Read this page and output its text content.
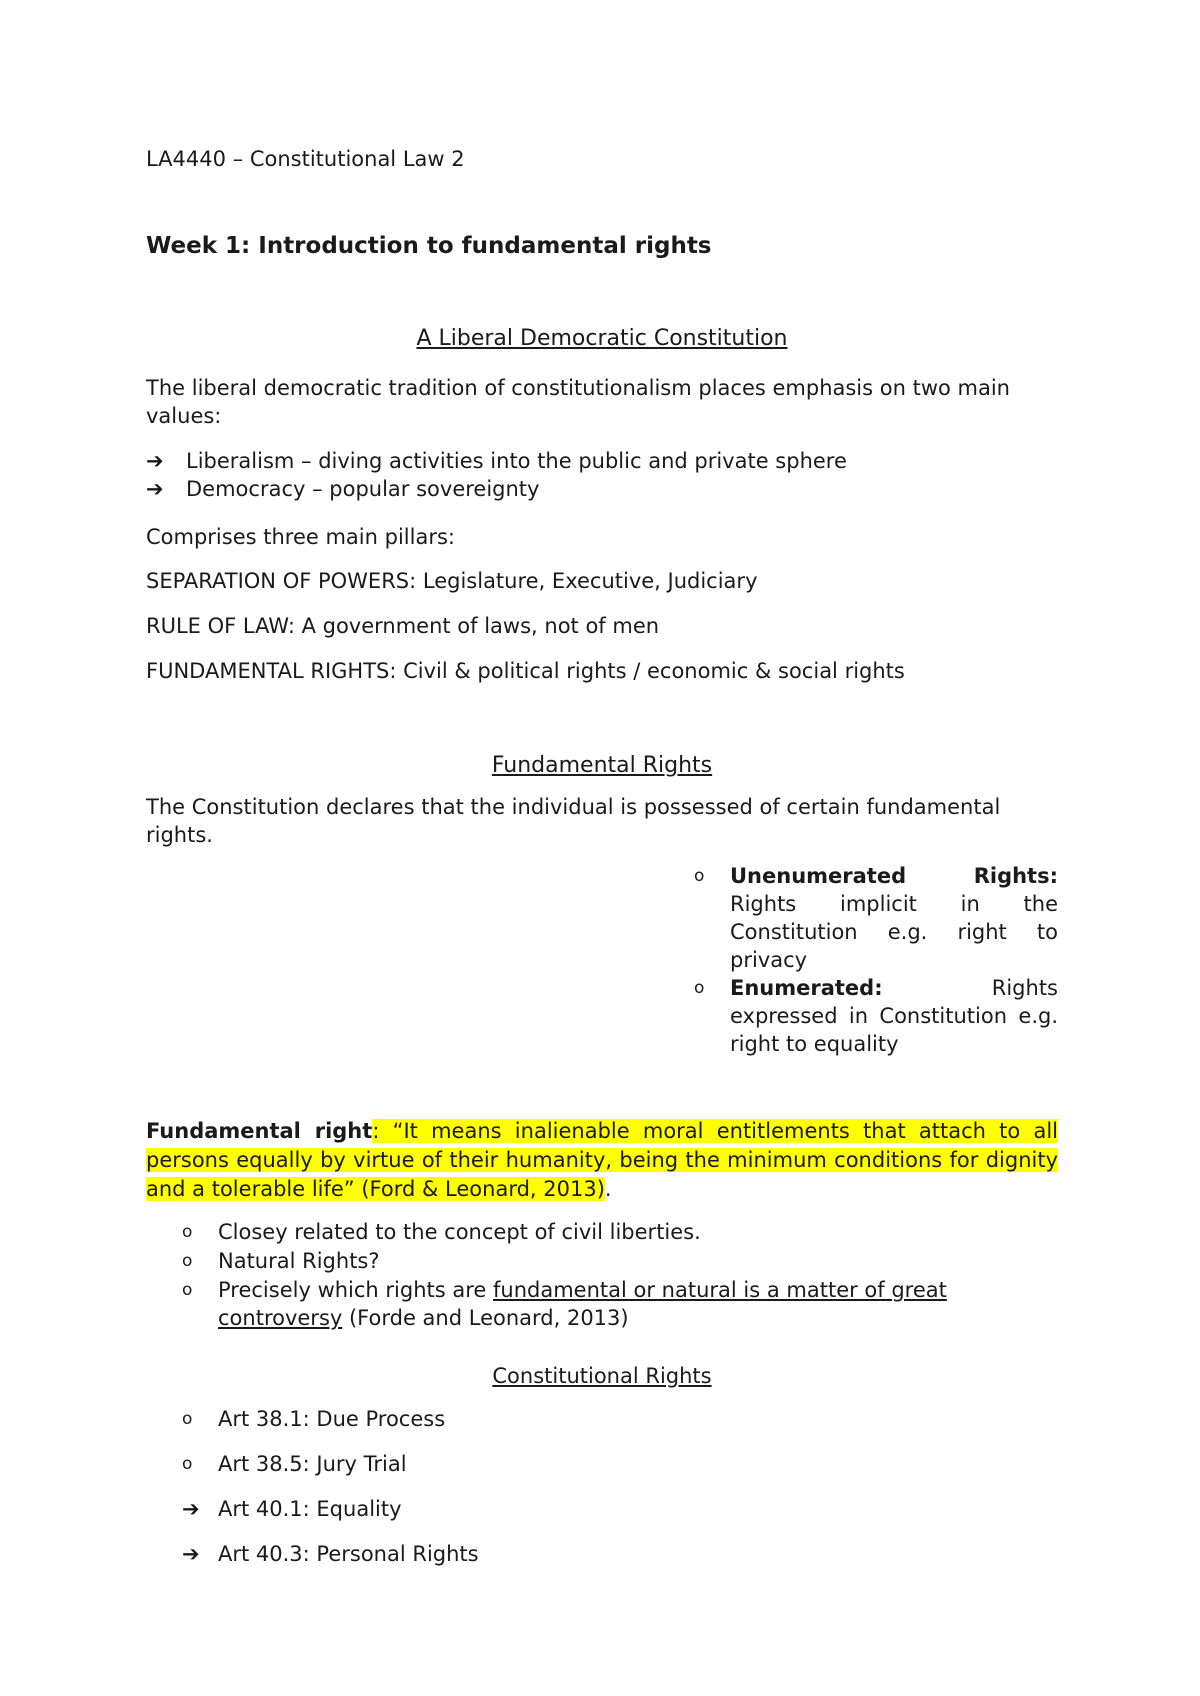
LA4440 – Constitutional Law 2
Week 1: Introduction to fundamental rights
A Liberal Democratic Constitution
The liberal democratic tradition of constitutionalism places emphasis on two main values:
➔	Liberalism – diving activities into the public and private sphere
➔	Democracy – popular sovereignty
Comprises three main pillars:
SEPARATION OF POWERS: Legislature, Executive, Judiciary
RULE OF LAW: A government of laws, not of men
FUNDAMENTAL RIGHTS: Civil & political rights / economic & social rights
Fundamental Rights
The Constitution declares that the individual is possessed of certain fundamental rights.
o	Unenumerated Rights: Rights implicit in the Constitution e.g. right to privacy
o	Enumerated:	Rights expressed in Constitution e.g. right to equality
Fundamental right: “It means inalienable moral entitlements that attach to all persons equally by virtue of their humanity, being the minimum conditions for dignity and a tolerable life” (Ford & Leonard, 2013).
o	Closey related to the concept of civil liberties.
o	Natural Rights?
o	Precisely which rights are fundamental or natural is a matter of great controversy (Forde and Leonard, 2013)
Constitutional Rights
o	Art 38.1: Due Process
o	Art 38.5: Jury Trial
➔ Art 40.1: Equality
➔ Art 40.3: Personal Rights
